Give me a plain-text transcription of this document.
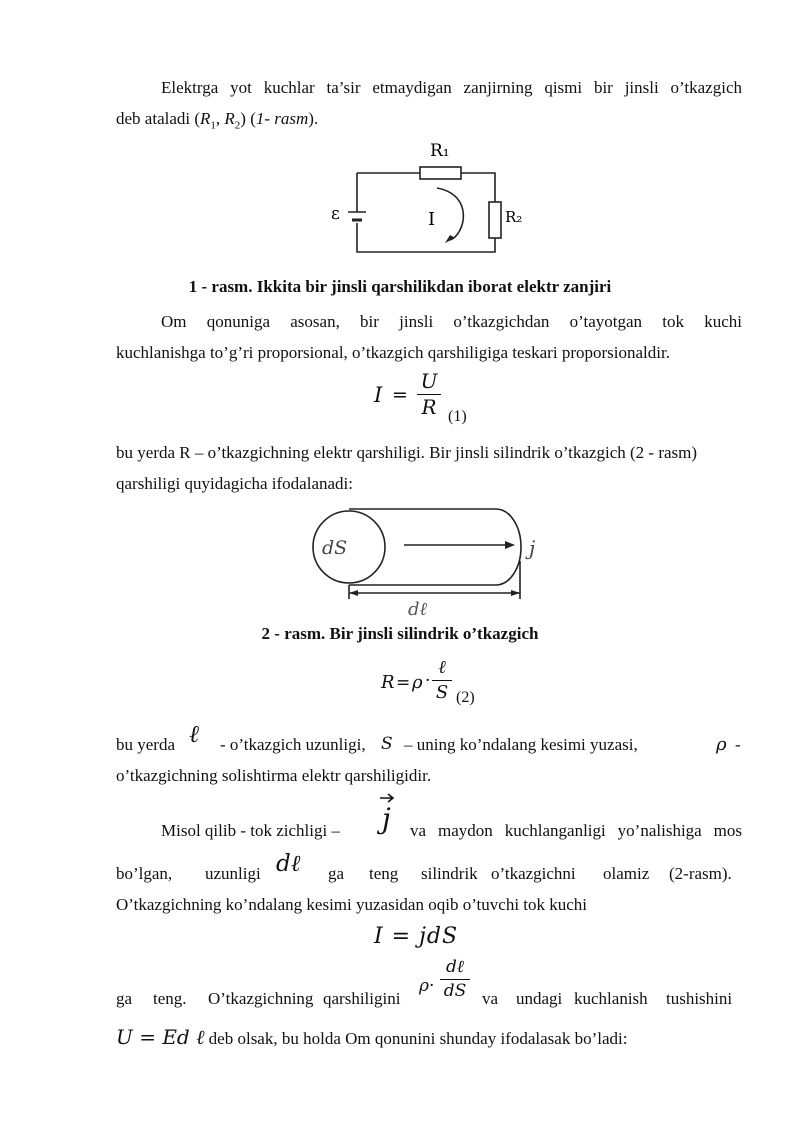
Elektrga yot kuchlar ta’sir etmaydigan zanjirning qismi bir jinsli o’tkazgich

deb ataladi ($R_1$, $R_2$) (1- rasm).

R₁
R₂
ε	I

1 - rasm. Ikkita bir jinsli qarshilikdan iborat elektr zanjiri

Om qonuniga asosan, bir jinsli o’tkazgichdan o’tayotgan tok kuchi

kuchlanishga to’g’ri proporsional, o’tkazgich qarshiligiga teskari proporsionaldir.

$I = \frac{U}{R} (1)$

bu yerda R – o’tkazgichning elektr qarshiligi. Bir jinsli silindrik o’tkazgich (2 - rasm)

qarshiligi quyidagicha ifodalanadi:

dS	j
dℓ

2 - rasm. Bir jinsli silindrik o’tkazgich

R = ρ ·
ℓ
S (2)
bu yerda ℓ - o’tkazgich uzunligi, S – uning ko’ndalang kesimi yuzasi,	ρ -

o’tkazgichning solishtirma elektr qarshiligidir.

Misol qilib - tok zichligi – j va maydon kuchlanganligi yo’nalishiga mos
bo’lgan, uzunligi dℓ ga teng silindrik o’tkazgichni olamiz (2-rasm).

O’tkazgichning ko’ndalang kesimi yuzasidan oqib o’tuvchi tok kuchi

I = jdS
ga teng. O’tkazgichning qarshiligini
ρ·
dℓ
dS va undagi kuchlanish tushishini
U = Ed ℓ deb olsak, bu holda Om qonunini shunday ifodalasak bo’ladi:
